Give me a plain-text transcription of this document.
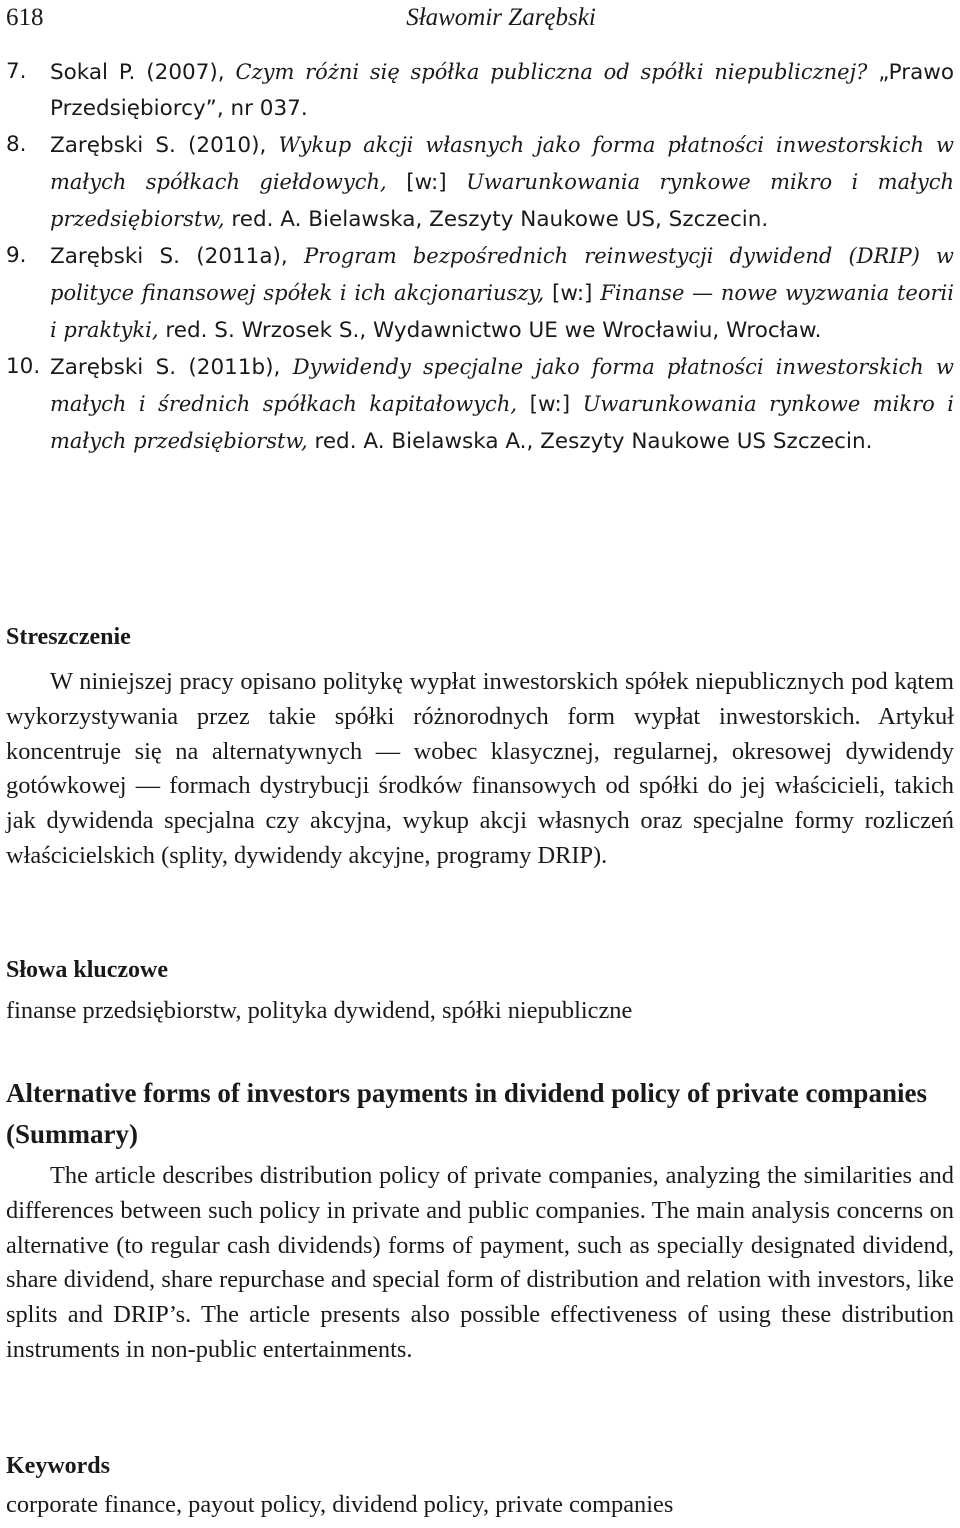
618	Sławomir Zarębski
7. Sokal P. (2007), Czym różni się spółka publiczna od spółki niepublicznej? „Prawo Przedsiębiorcy”, nr 037.
8. Zarębski S. (2010), Wykup akcji własnych jako forma płatności inwestorskich w małych spółkach giełdowych, [w:] Uwarunkowania rynkowe mikro i małych przedsiębiorstw, red. A. Bielawska, Zeszyty Naukowe US, Szczecin.
9. Zarębski S. (2011a), Program bezpośrednich reinwestycji dywidend (DRIP) w polityce finansowej spółek i ich akcjonariuszy, [w:] Finanse — nowe wyzwania teorii i praktyki, red. S. Wrzosek S., Wydawnictwo UE we Wrocławiu, Wrocław.
10. Zarębski S. (2011b), Dywidendy specjalne jako forma płatności inwestorskich w małych i średnich spółkach kapitałowych, [w:] Uwarunkowania rynkowe mikro i małych przedsiębiorstw, red. A. Bielawska A., Zeszyty Naukowe US Szczecin.
Streszczenie

W niniejszej pracy opisano politykę wypłat inwestorskich spółek niepublicznych pod kątem wykorzystywania przez takie spółki różnorodnych form wypłat inwestorskich. Artykuł koncentruje się na alternatywnych — wobec klasycznej, regularnej, okresowej dywidendy gotówkowej — formach dystrybucji środków finansowych od spółki do jej właścicieli, takich jak dywidenda specjalna czy akcyjna, wykup akcji własnych oraz specjalne formy rozliczeń właścicielskich (splity, dywidendy akcyjne, programy DRIP).

Słowa kluczowe

finanse przedsiębiorstw, polityka dywidend, spółki niepubliczne

Alternative forms of investors payments in dividend policy of private companies (Summary)

The article describes distribution policy of private companies, analyzing the similarities and differences between such policy in private and public companies. The main analysis concerns on alternative (to regular cash dividends) forms of payment, such as specially designated dividend, share dividend, share repurchase and special form of distribution and relation with investors, like splits and DRIP’s. The article presents also possible effectiveness of using these distribution instruments in non-public entertainments.

Keywords

corporate finance, payout policy, dividend policy, private companies
